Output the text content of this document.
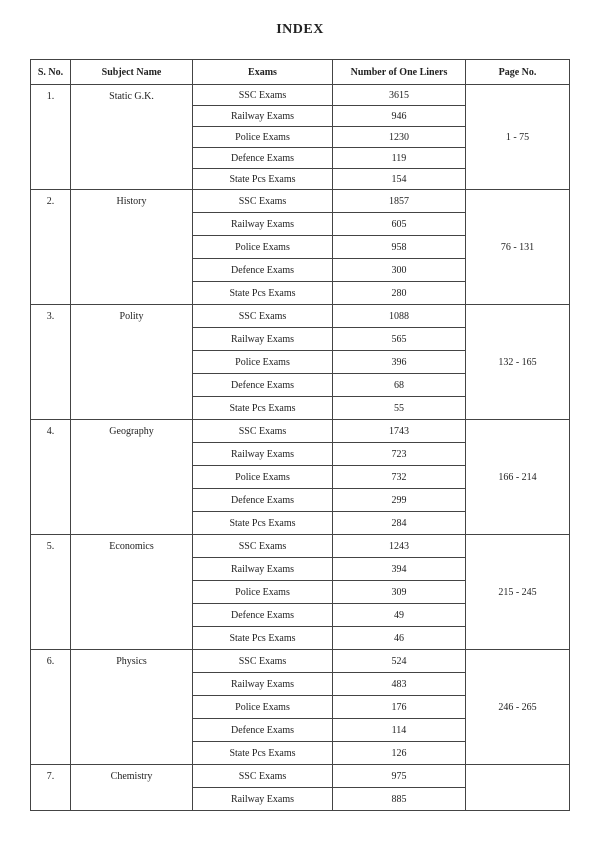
INDEX
S. No.	Subject Name	Exams	Number of One Liners	Page No.
1.	Static G.K.	SSC Exams	3615	1 - 75
		Railway Exams	946	
		Police Exams	1230	
		Defence Exams	119	
		State Pcs Exams	154	
2.	History	SSC Exams	1857	76 - 131
		Railway Exams	605	
		Police Exams	958	
		Defence Exams	300	
		State Pcs Exams	280	
3.	Polity	SSC Exams	1088	132 - 165
		Railway Exams	565	
		Police Exams	396	
		Defence Exams	68	
		State Pcs Exams	55	
4.	Geography	SSC Exams	1743	166 - 214
		Railway Exams	723	
		Police Exams	732	
		Defence Exams	299	
		State Pcs Exams	284	
5.	Economics	SSC Exams	1243	215 - 245
		Railway Exams	394	
		Police Exams	309	
		Defence Exams	49	
		State Pcs Exams	46	
6.	Physics	SSC Exams	524	246 - 265
		Railway Exams	483	
		Police Exams	176	
		Defence Exams	114	
		State Pcs Exams	126	
7.	Chemistry	SSC Exams	975	
		Railway Exams	885	
